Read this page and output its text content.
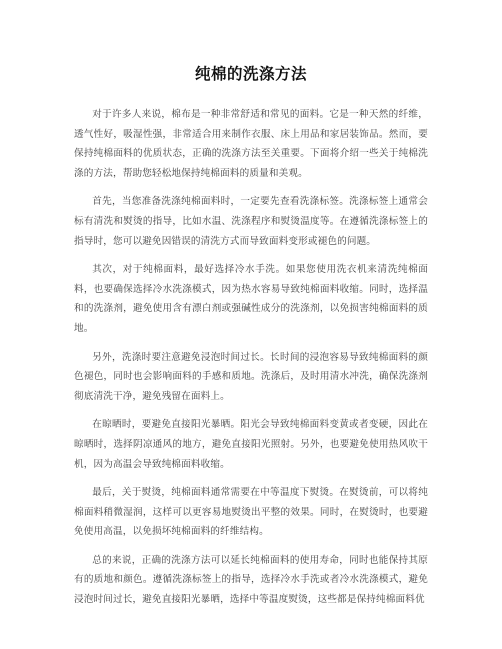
纯棉的洗涤方法

对于许多人来说，棉布是一种非常舒适和常见的面料。它是一种天然的纤维，透气性好，吸湿性强，非常适合用来制作衣服、床上用品和家居装饰品。然而，要保持纯棉面料的优质状态，正确的洗涤方法至关重要。下面将介绍一些关于纯棉洗涤的方法，帮助您轻松地保持纯棉面料的质量和美观。

首先，当您准备洗涤纯棉面料时，一定要先查看洗涤标签。洗涤标签上通常会标有清洗和熨烫的指导，比如水温、洗涤程序和熨烫温度等。在遵循洗涤标签上的指导时，您可以避免因错误的清洗方式而导致面料变形或褪色的问题。

其次，对于纯棉面料，最好选择冷水手洗。如果您使用洗衣机来清洗纯棉面料，也要确保选择冷水洗涤模式，因为热水容易导致纯棉面料收缩。同时，选择温和的洗涤剂，避免使用含有漂白剂或强碱性成分的洗涤剂，以免损害纯棉面料的质地。

另外，洗涤时要注意避免浸泡时间过长。长时间的浸泡容易导致纯棉面料的颜色褪色，同时也会影响面料的手感和质地。洗涤后，及时用清水冲洗，确保洗涤剂彻底清洗干净，避免残留在面料上。

在晾晒时，要避免直接阳光暴晒。阳光会导致纯棉面料变黄或者变硬，因此在晾晒时，选择阴凉通风的地方，避免直接阳光照射。另外，也要避免使用热风吹干机，因为高温会导致纯棉面料收缩。

最后，关于熨烫，纯棉面料通常需要在中等温度下熨烫。在熨烫前，可以将纯棉面料稍微湿润，这样可以更容易地熨烫出平整的效果。同时，在熨烫时，也要避免使用高温，以免损坏纯棉面料的纤维结构。

总的来说，正确的洗涤方法可以延长纯棉面料的使用寿命，同时也能保持其原有的质地和颜色。遵循洗涤标签上的指导，选择冷水手洗或者冷水洗涤模式，避免浸泡时间过长，避免直接阳光暴晒，选择中等温度熨烫，这些都是保持纯棉面料优
